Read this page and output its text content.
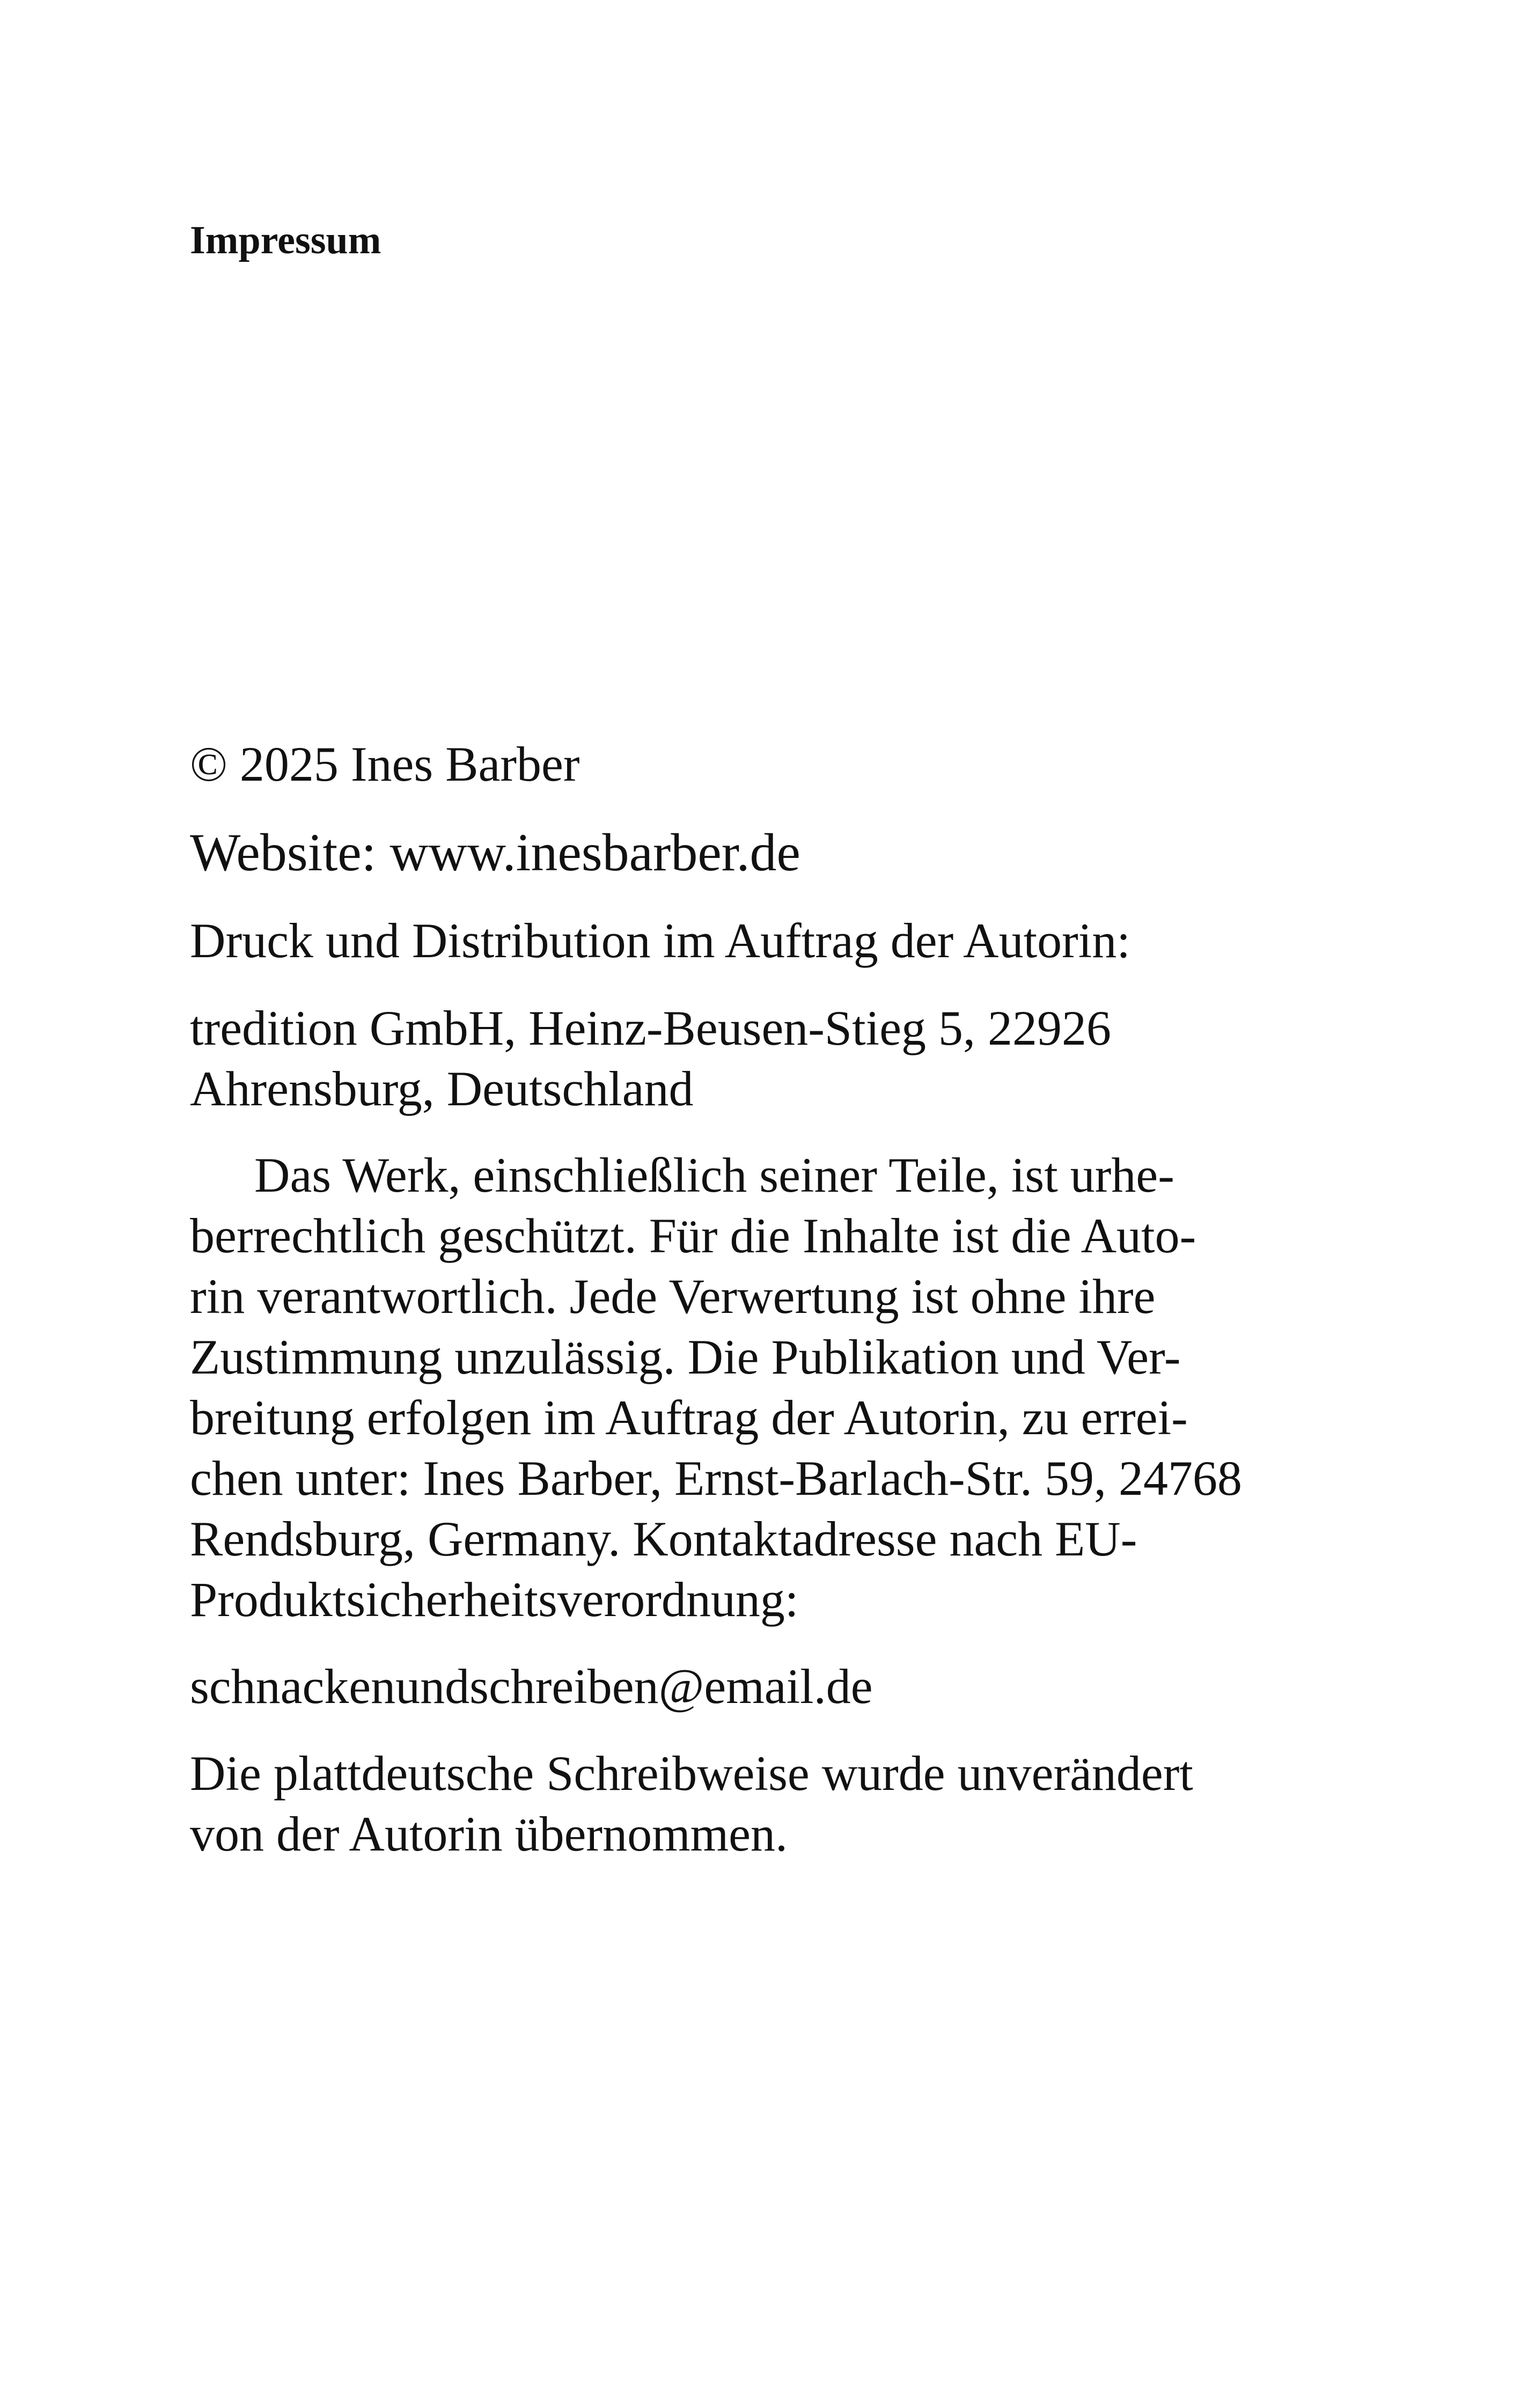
Impressum

© 2025 Ines Barber

Website: www.inesbarber.de

Druck und Distribution im Auftrag der Autorin:

tredition GmbH, Heinz-Beusen-Stieg 5, 22926
Ahrensburg, Deutschland
Das Werk, einschließlich seiner Teile, ist urhe-
berrechtlich geschützt. Für die Inhalte ist die Auto-
rin verantwortlich. Jede Verwertung ist ohne ihre
Zustimmung unzulässig. Die Publikation und Ver-
breitung erfolgen im Auftrag der Autorin, zu errei-
chen unter: Ines Barber, Ernst-Barlach-Str. 59, 24768
Rendsburg, Germany. Kontaktadresse nach EU-
Produktsicherheitsverordnung:

schnackenundschreiben@email.de

Die plattdeutsche Schreibweise wurde unverändert
von der Autorin übernommen.
